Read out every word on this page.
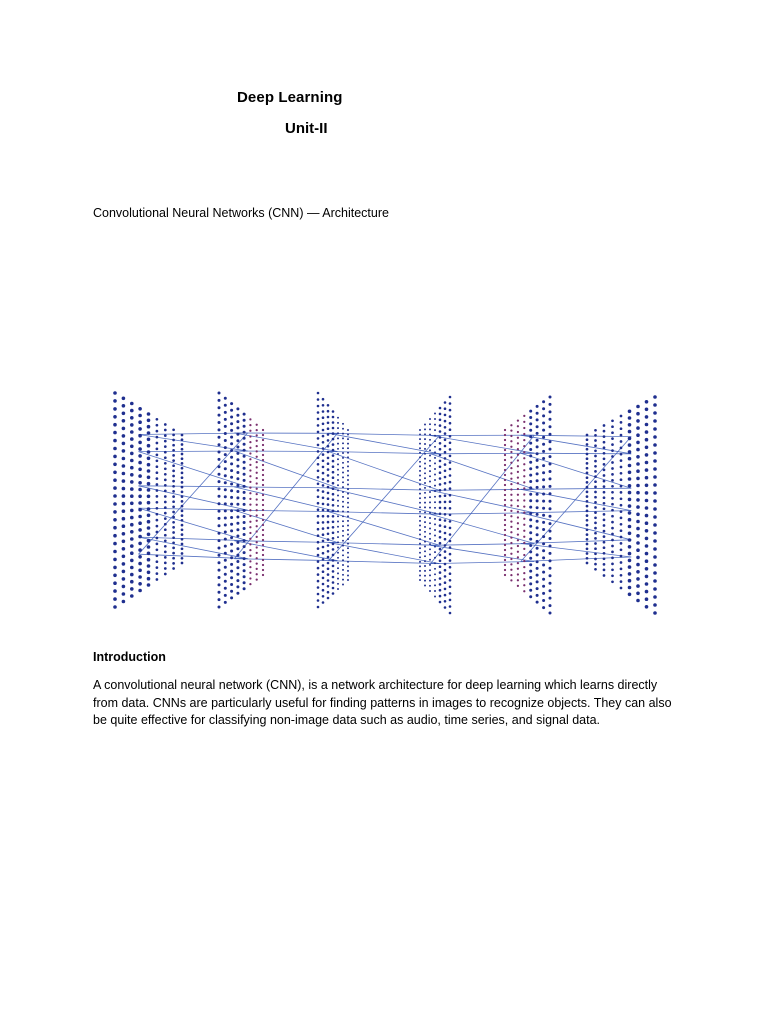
Deep Learning
Unit-II
Convolutional Neural Networks (CNN) — Architecture
Introduction
A convolutional neural network (CNN), is a network architecture for deep learning which learns directly from data. CNNs are particularly useful for finding patterns in images to recognize objects. They can also be quite effective for classifying non-image data such as audio, time series, and signal data.
